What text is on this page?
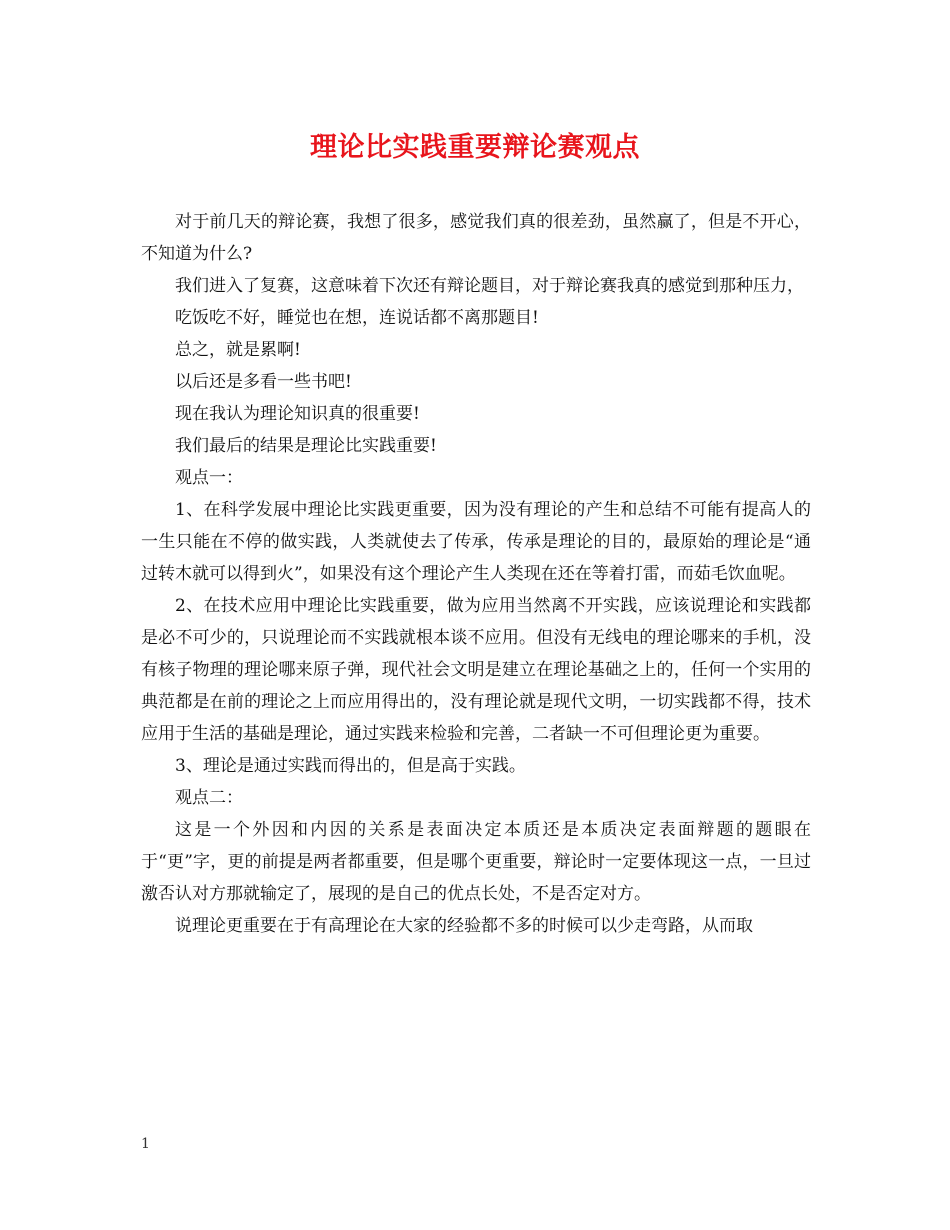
理论比实践重要辩论赛观点

对于前几天的辩论赛，我想了很多，感觉我们真的很差劲，虽然赢了，但是不开心，不知道为什么?

我们进入了复赛，这意味着下次还有辩论题目，对于辩论赛我真的感觉到那种压力，

吃饭吃不好，睡觉也在想，连说话都不离那题目!

总之，就是累啊!

以后还是多看一些书吧!

现在我认为理论知识真的很重要!

我们最后的结果是理论比实践重要!

观点一：

1、在科学发展中理论比实践更重要，因为没有理论的产生和总结不可能有提高人的一生只能在不停的做实践，人类就使去了传承，传承是理论的目的，最原始的理论是“通过转木就可以得到火”，如果没有这个理论产生人类现在还在等着打雷，而茹毛饮血呢。

2、在技术应用中理论比实践重要，做为应用当然离不开实践，应该说理论和实践都是必不可少的，只说理论而不实践就根本谈不应用。但没有无线电的理论哪来的手机，没有核子物理的理论哪来原子弹，现代社会文明是建立在理论基础之上的，任何一个实用的典范都是在前的理论之上而应用得出的，没有理论就是现代文明，一切实践都不得，技术应用于生活的基础是理论，通过实践来检验和完善，二者缺一不可但理论更为重要。

3、理论是通过实践而得出的，但是高于实践。

观点二：

这是一个外因和内因的关系是表面决定本质还是本质决定表面辩题的题眼在于“更”字，更的前提是两者都重要，但是哪个更重要，辩论时一定要体现这一点，一旦过激否认对方那就输定了，展现的是自己的优点长处，不是否定对方。

说理论更重要在于有高理论在大家的经验都不多的时候可以少走弯路，从而取

1
